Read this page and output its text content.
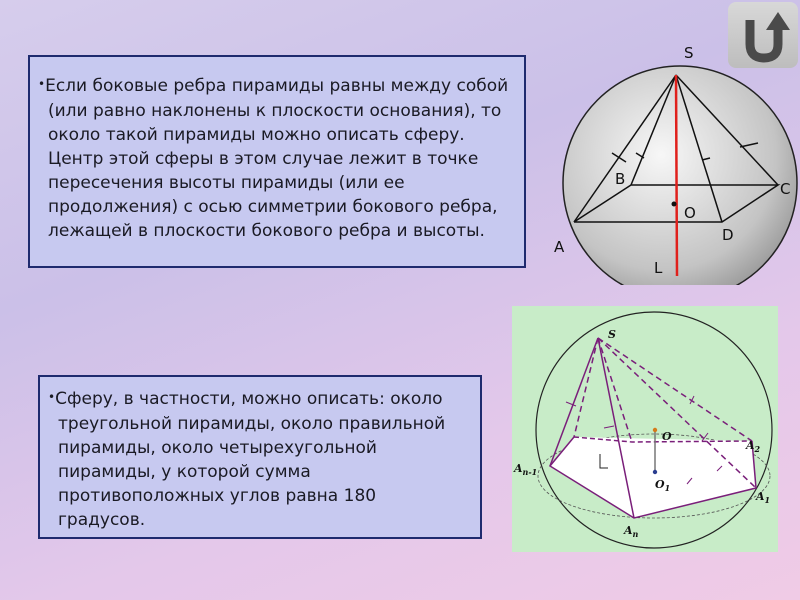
•Если боковые ребра пирамиды равны между собой
(или равно наклонены к плоскости основания), то
около такой пирамиды можно описать сферу.
Центр этой сферы в этом случае лежит в точке
пересечения высоты пирамиды (или ее
продолжения) с осью симметрии бокового ребра,
лежащей в плоскости бокового ребра и высоты.
•Сферу, в частности, можно описать: около
треугольной пирамиды, около правильной
пирамиды, около четырехугольной
пирамиды, у которой сумма
противоположных углов равна 180
градусов.
S
A
B
C
D
O
L
S
O
$O_1$
$A_2$
$A_1$
$A_n$
$A_{n-1}$
